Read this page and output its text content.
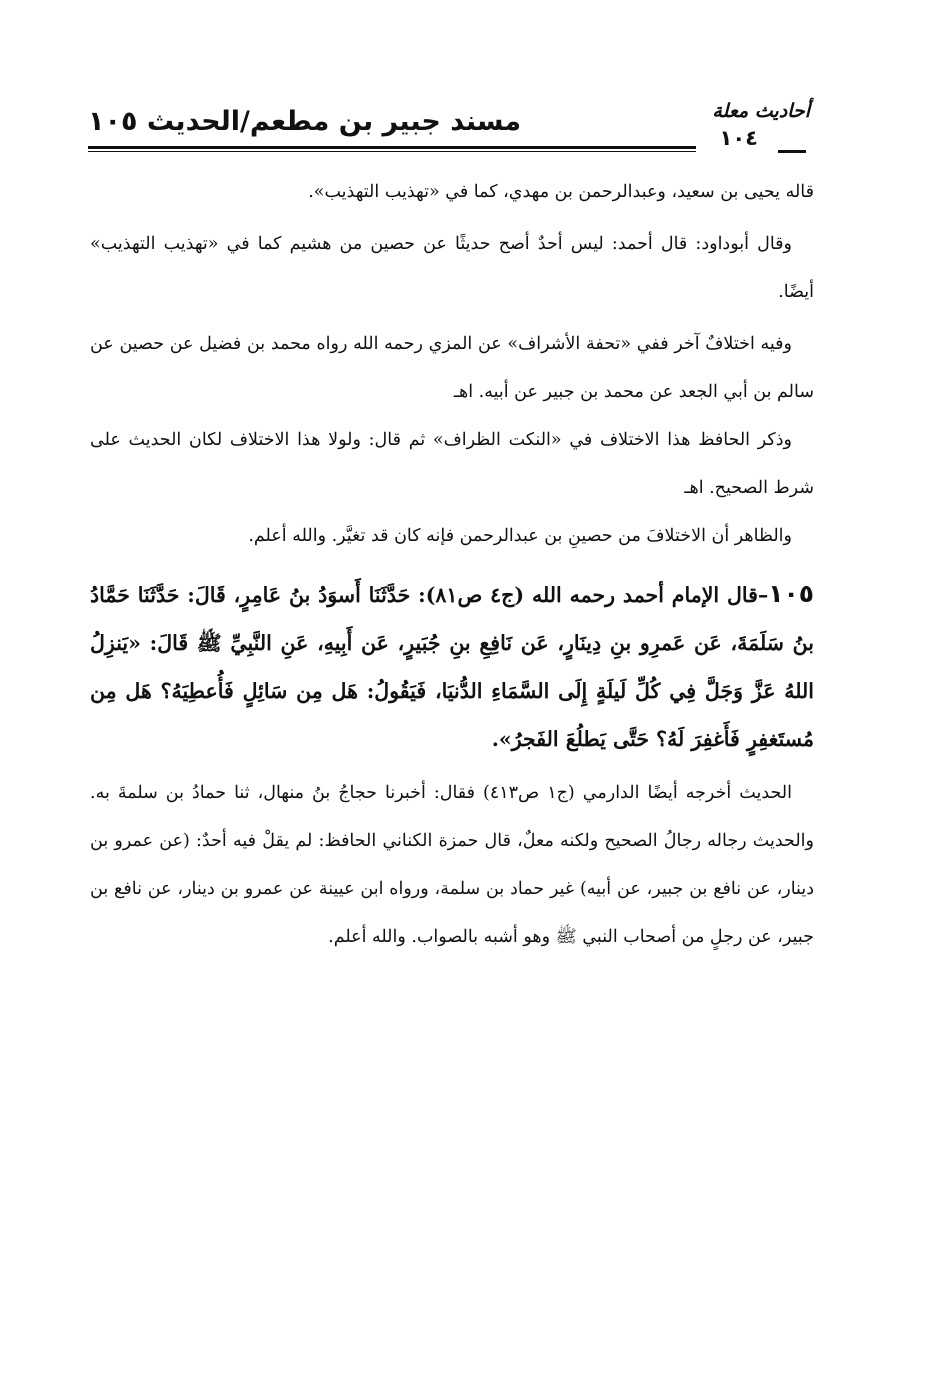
مسند جبير بن مطعم/الحديث ١٠٥	أحاديث معلة
١٠٤

قاله يحيى بن سعيد، وعبدالرحمن بن مهدي، كما في «تهذيب التهذيب».

وقال أبوداود: قال أحمد: ليس أحدٌ أصح حديثًا عن حصين من هشيم كما في «تهذيب التهذيب» أيضًا.

وفيه اختلافٌ آخر ففي «تحفة الأشراف» عن المزي رحمه الله رواه محمد بن فضيل عن حصين عن سالم بن أبي الجعد عن محمد بن جبير عن أبيه. اهـ

وذكر الحافظ هذا الاختلاف في «النكت الظراف» ثم قال: ولولا هذا الاختلاف لكان الحديث على شرط الصحيح. اهـ

والظاهر أن الاختلافَ من حصينِ بن عبدالرحمن فإنه كان قد تغيَّر. والله أعلم.

١٠٥–قال الإمام أحمد رحمه الله (ج٤ ص٨١): حَدَّثَنَا أَسوَدُ بنُ عَامِرٍ، قَالَ: حَدَّثَنَا حَمَّادُ بنُ سَلَمَةَ، عَن عَمرِو بنِ دِينَارٍ، عَن نَافِعِ بنِ جُبَيرٍ، عَن أَبِيهِ، عَنِ النَّبِيِّ ﷺ قَالَ: «يَنزِلُ اللهُ عَزَّ وَجَلَّ فِي كُلِّ لَيلَةٍ إِلَى السَّمَاءِ الدُّنيَا، فَيَقُولُ: هَل مِن سَائِلٍ فَأُعطِيَهُ؟ هَل مِن مُستَغفِرٍ فَأَغفِرَ لَهُ؟ حَتَّى يَطلُعَ الفَجرُ».

الحديث أخرجه أيضًا الدارمي (ج١ ص٤١٣) فقال: أخبرنا حجاجُ بنُ منهال، ثنا حمادُ بن سلمةَ به. والحديث رجاله رجالُ الصحيح ولكنه معلٌ، قال حمزة الكناني الحافظ: لم يقلْ فيه أحدٌ: (عن عمرو بن دينار، عن نافع بن جبير، عن أبيه) غير حماد بن سلمة، ورواه ابن عيينة عن عمرو بن دينار، عن نافع بن جبير، عن رجلٍ من أصحاب النبي ﷺ وهو أشبه بالصواب. والله أعلم.
